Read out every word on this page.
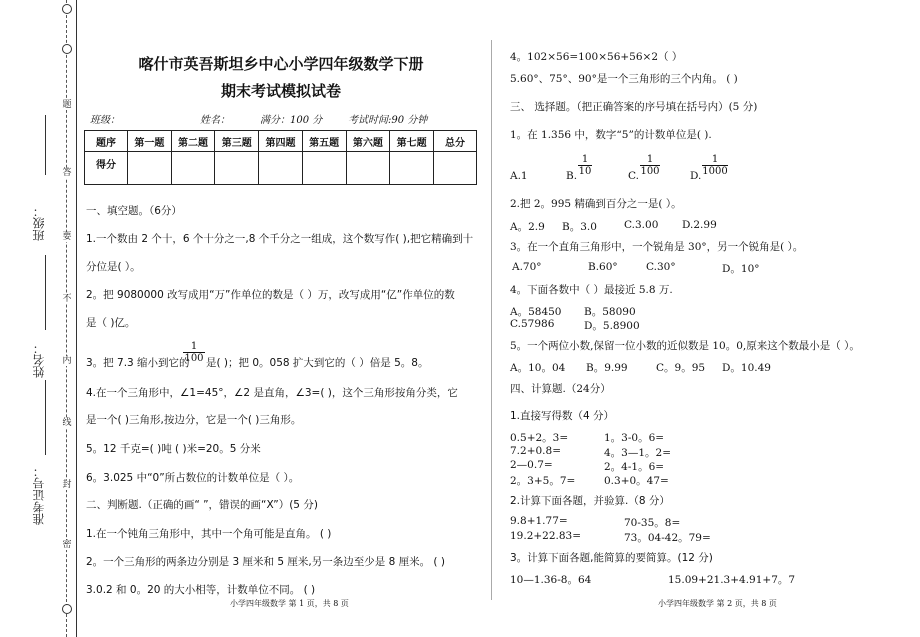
题
答
要
不
内
线
封
密
班级：
姓名：
准考证号：
喀什市英吾斯坦乡中心小学四年级数学下册
期末考试模拟试卷
班级：	姓名：	满分：100 分	考试时间:90 分钟
题序	第一题	第二题	第三题	第四题	第五题	第六题	第七题	总分
得分								
一、填空题。（6分）
1.一个数由 2 个十，6 个十分之一,8 个千分之一组成，这个数写作( ),把它精确到十
分位是( ）。
2。把 9080000 改写成用“万”作单位的数是（ ）万，改写成用“亿”作单位的数
是（ )亿。
3。把 7.3 缩小到它的
$\frac{1}{100}$ 是( )；把 0。058 扩大到它的（ ）倍是 5。8。
4.在一个三角形中，∠1=45°，∠2 是直角，∠3=( )，这个三角形按角分类，它
是一个( )三角形,按边分，它是一个( )三角形。
5。12 千克=( )吨 ( )米=20。5 分米
6。3.025 中“0”所占数位的计数单位是（ ）。
二、判断题.（正确的画“ ”，错误的画“X”）(5 分)
1.在一个钝角三角形中，其中一个角可能是直角。 ( )
2。一个三角形的两条边分别是 3 厘米和 5 厘米,另一条边至少是 8 厘米。 ( )
3.0.2 和 0。20 的大小相等，计数单位不同。 ( )
小学四年级数学 第 1 页，共 8 页
4。102×56=100×56+56×2（ ）
5.60°、75°、90°是一个三角形的三个内角。 ( )
三、 选择题。（把正确答案的序号填在括号内）(5 分)
1。在 1.356 中，数字“5”的计数单位是( ).
A.1	B. $\frac{1}{10}$	C. $\frac{1}{100}$	D. $\frac{1}{1000}$
2.把 2。995 精确到百分之一是( ）。
A。2.9 B。3.0	C.3.00 D.2.99
3。在一个直角三角形中，一个锐角是 30°，另一个锐角是( ）。
A.70°	B.60°	C.30°	D。10°
4。下面各数中（ ）最接近 5.8 万.
A。58450 B。58090
C.57986	D。5.8900
5。一个两位小数,保留一位小数的近似数是 10。0,原来这个数最小是（ ）。
A。10。04 B。9.99	C。9。95 D。10.49
四、计算题.（24分）
1.直接写得数（4 分）
0.5+2。3=	1。3-0。6=
7.2+0.8=	4。3—1。2=
2—0.7=	2。4-1。6=
2。3+5。7=	0.3+0。47=
2.计算下面各题，并验算.（8 分）
9.8+1.77=	70-35。8=
19.2+22.83=	73。04-42。79=
3。计算下面各题,能简算的要简算。(12 分)
10—1.36-8。64	15.09+21.3+4.91+7。7
小学四年级数学 第 2 页，共 8 页
